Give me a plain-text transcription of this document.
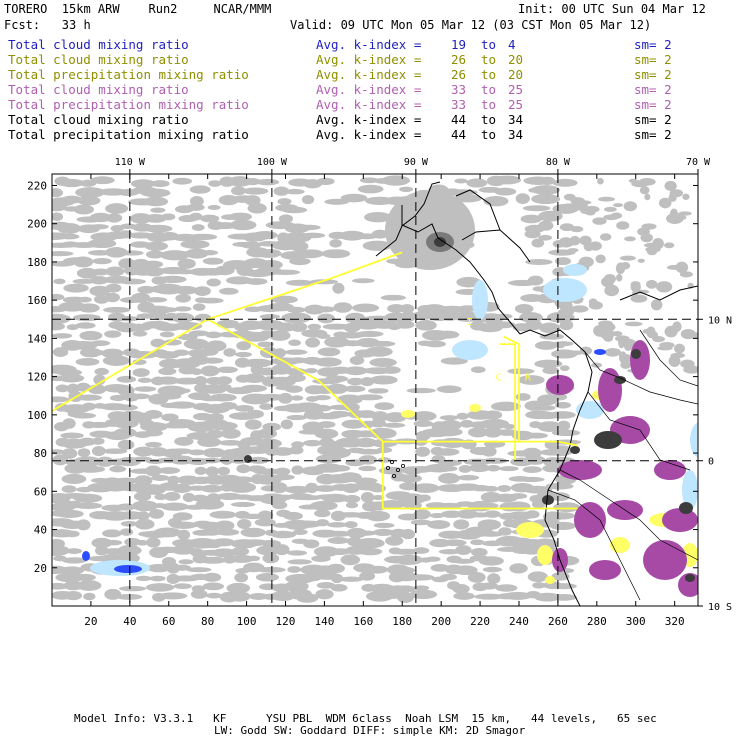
TORERO  15km ARW    Run2     NCAR/MMM	Init: 00 UTC Sun 04 Mar 12
Fcst:   33 h	Valid: 09 UTC Mon 05 Mar 12 (03 CST Mon 05 Mar 12)
Total cloud mixing ratio	Avg. k-index = 19 to 4	sm= 2
Total cloud mixing ratio	Avg. k-index = 26 to 20	sm= 2
Total precipitation mixing ratio	Avg. k-index = 26 to 20	sm= 2
Total cloud mixing ratio	Avg. k-index = 33 to 25	sm= 2
Total precipitation mixing ratio	Avg. k-index = 33 to 25	sm= 2
Total cloud mixing ratio	Avg. k-index = 44 to 34	sm= 2
Total precipitation mixing ratio	Avg. k-index = 44 to 34	sm= 2
I
C R
20 40 60 80 100 120 140 160 180 200 220 240 260 280 300 320
20
40
60
80
100
120
140
160
180
200
220
110 W	100 W	90 W	80 W	70 W
10 N
0
10 S
Model Info: V3.3.1   KF      YSU PBL  WDM 6class  Noah LSM  15 km,   44 levels,   65 sec
LW: Godd SW: Goddard DIFF: simple KM: 2D Smagor
